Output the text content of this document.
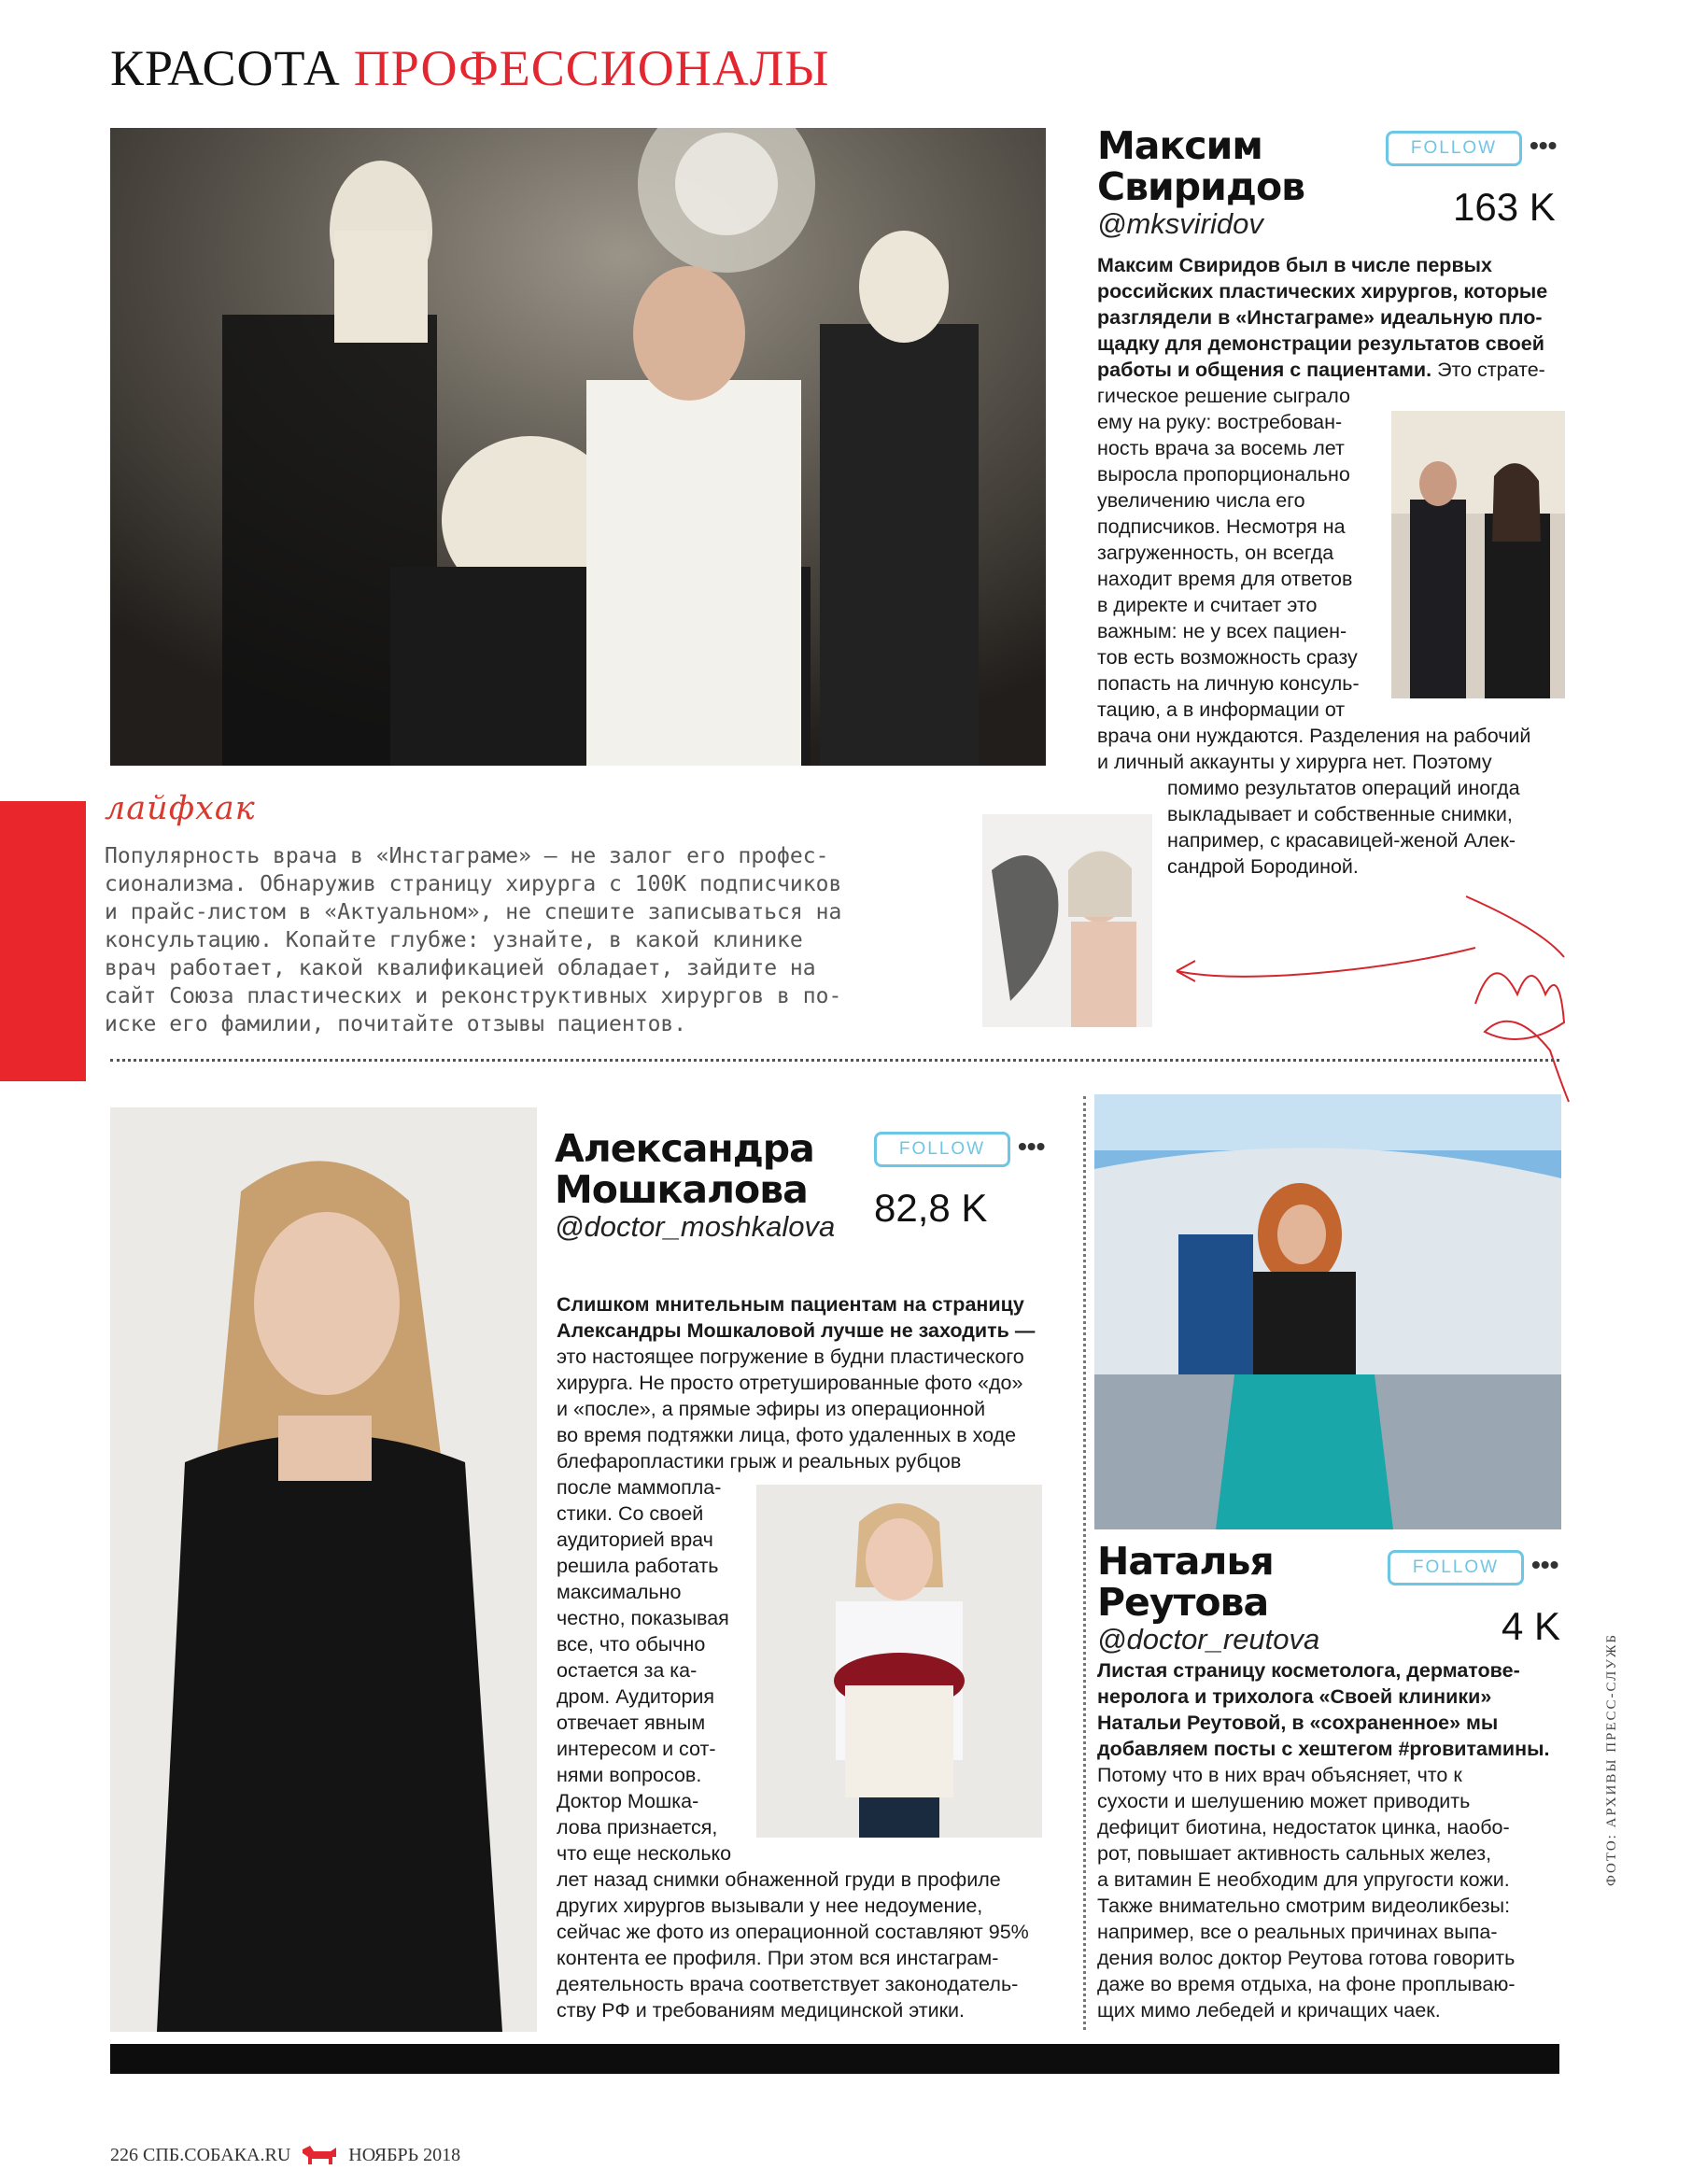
КРАСОТА ПРОФЕССИОНАЛЫ
Максим
Свиридов
@mksviridov
FOLLOW	•••
163 K
Максим Свиридов был в числе первых
российских пластических хирургов, которые
разглядели в «Инстаграме» идеальную пло-
щадку для демонстрации результатов своей
работы и общения с пациентами. Это страте-
гическое решение сыграло
ему на руку: востребован-
ность врача за восемь лет
выросла пропорционально
увеличению числа его
подписчиков. Несмотря на
загруженность, он всегда
находит время для ответов
в директе и считает это
важным: не у всех пациен-
тов есть возможность сразу
попасть на личную консуль-
тацию, а в информации от
врача они нуждаются. Разделения на рабочий
и личный аккаунты у хирурга нет. Поэтому
помимо результатов операций иногда
выкладывает и собственные снимки,
например, с красавицей-женой Алек-
сандрой Бородиной.
лайфхак
Популярность врача в «Инстаграме» — не залог его профес-
сионализма. Обнаружив страницу хирурга с 100K подписчиков
и прайс-листом в «Актуальном», не спешите записываться на
консультацию. Копайте глубже: узнайте, в какой клинике
врач работает, какой квалификацией обладает, зайдите на
сайт Союза пластических и реконструктивных хирургов в по-
иске его фамилии, почитайте отзывы пациентов.
Александра
Мошкалова
@doctor_moshkalova
FOLLOW	•••
82,8 K
Слишком мнительным пациентам на страницу
Александры Мошкаловой лучше не заходить —
это настоящее погружение в будни пластического
хирурга. Не просто отретушированные фото «до»
и «после», а прямые эфиры из операционной
во время подтяжки лица, фото удаленных в ходе
блефаропластики грыж и реальных рубцов
после маммопла-
стики. Со своей
аудиторией врач
решила работать
максимально
честно, показывая
все, что обычно
остается за ка-
дром. Аудитория
отвечает явным
интересом и сот-
нями вопросов.
Доктор Мошка-
лова признается,
что еще несколько
лет назад снимки обнаженной груди в профиле
других хирургов вызывали у нее недоумение,
сейчас же фото из операционной составляют 95%
контента ее профиля. При этом вся инстаграм-
деятельность врача соответствует законодатель-
ству РФ и требованиям медицинской этики.
Наталья
Реутова
@doctor_reutova
FOLLOW	•••
4 K
Листая страницу косметолога, дерматове-
неролога и трихолога «Своей клиники»
Натальи Реутовой, в «сохраненное» мы
добавляем посты с хештегом #proвитамины.
Потому что в них врач объясняет, что к
сухости и шелушению может приводить
дефицит биотина, недостаток цинка, наобо-
рот, повышает активность сальных желез,
а витамин Е необходим для упругости кожи.
Также внимательно смотрим видеоликбезы:
например, все о реальных причинах выпа-
дения волос доктор Реутова готова говорить
даже во время отдыха, на фоне проплываю-
щих мимо лебедей и кричащих чаек.
ФОТО: АРХИВЫ ПРЕСС-СЛУЖБ
226 СПБ.СОБАКА.RU	НОЯБРЬ 2018
